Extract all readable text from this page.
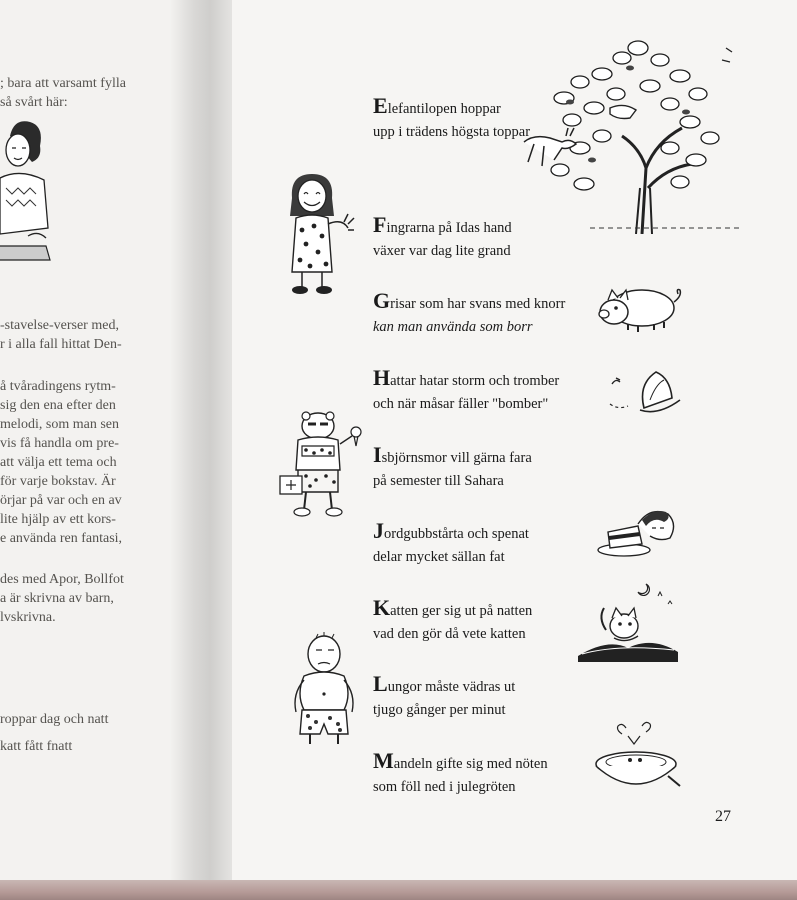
; bara att varsamt fylla
så svårt här:
-stavelse-verser med,
r i alla fall hittat Den-
å tvåradingens rytm-
sig den ena efter den
melodi, som man sen
vis få handla om pre-
att välja ett tema och
för varje bokstav. Är
örjar på var och en av
lite hjälp av ett kors-
e använda ren fantasi,
des med Apor, Bollfot
a är skrivna av barn,
lvskrivna.
roppar dag och natt
katt fått fnatt
Elefantilopen hoppar
upp i trädens högsta toppar
Fingrarna på Idas hand
växer var dag lite grand
Grisar som har svans med knorr
kan man använda som borr
Hattar hatar storm och tromber
och när måsar fäller "bomber"
Isbjörnsmor vill gärna fara
på semester till Sahara
Jordgubbstårta och spenat
delar mycket sällan fat
Katten ger sig ut på natten
vad den gör då vete katten
Lungor måste vädras ut
tjugo gånger per minut
Mandeln gifte sig med nöten
som föll ned i julegröten
27
